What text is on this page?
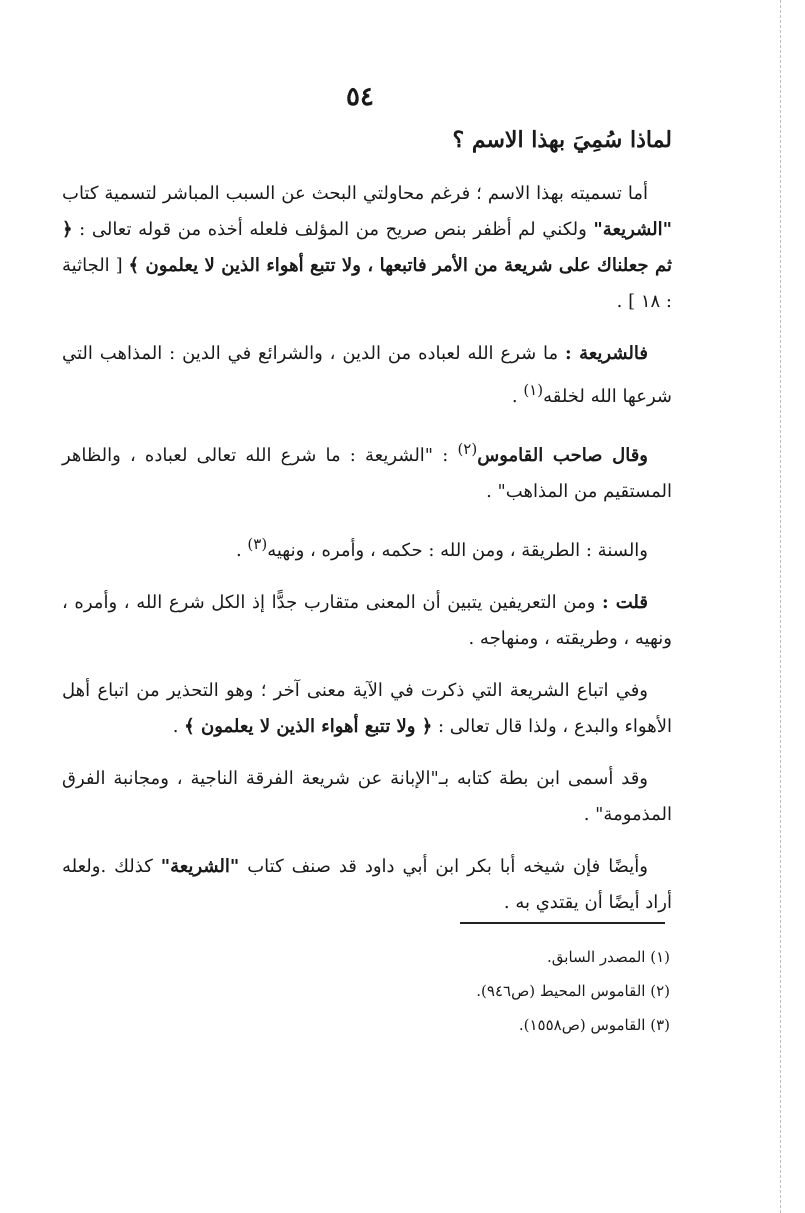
٥٤
لماذا سُمِيَ بهذا الاسم ؟

أما تسميته بهذا الاسم ؛ فرغم محاولتي البحث عن السبب المباشر لتسمية كتاب "الشريعة" ولكني لم أظفر بنص صريح من المؤلف فلعله أخذه من قوله تعالى : ﴿ ثم جعلناك على شريعة من الأمر فاتبعها ، ولا تتبع أهواء الذين لا يعلمون ﴾ [ الجاثية : ١٨ ] .

فالشريعة : ما شرع الله لعباده من الدين ، والشرائع في الدين : المذاهب التي شرعها الله لخلقه$^{(١)}$ .

وقال صاحب القاموس$^{(٢)}$ : "الشريعة : ما شرع الله تعالى لعباده ، والظاهر المستقيم من المذاهب" .

والسنة : الطريقة ، ومن الله : حكمه ، وأمره ، ونهيه$^{(٣)}$ .

قلت : ومن التعريفين يتبين أن المعنى متقارب جدًّا إذ الكل شرع الله ، وأمره ، ونهيه ، وطريقته ، ومنهاجه .

وفي اتباع الشريعة التي ذكرت في الآية معنى آخر ؛ وهو التحذير من اتباع أهل الأهواء والبدع ، ولذا قال تعالى : ﴿ ولا تتبع أهواء الذين لا يعلمون ﴾ .

وقد أسمى ابن بطة كتابه بـ"الإبانة عن شريعة الفرقة الناجية ، ومجانبة الفرق المذمومة" .

وأيضًا فإن شيخه أبا بكر ابن أبي داود قد صنف كتاب "الشريعة" كذلك .ولعله أراد أيضًا أن يقتدي به .

(١) المصدر السابق.
(٢) القاموس المحيط (ص٩٤٦).
(٣) القاموس (ص١٥٥٨).
